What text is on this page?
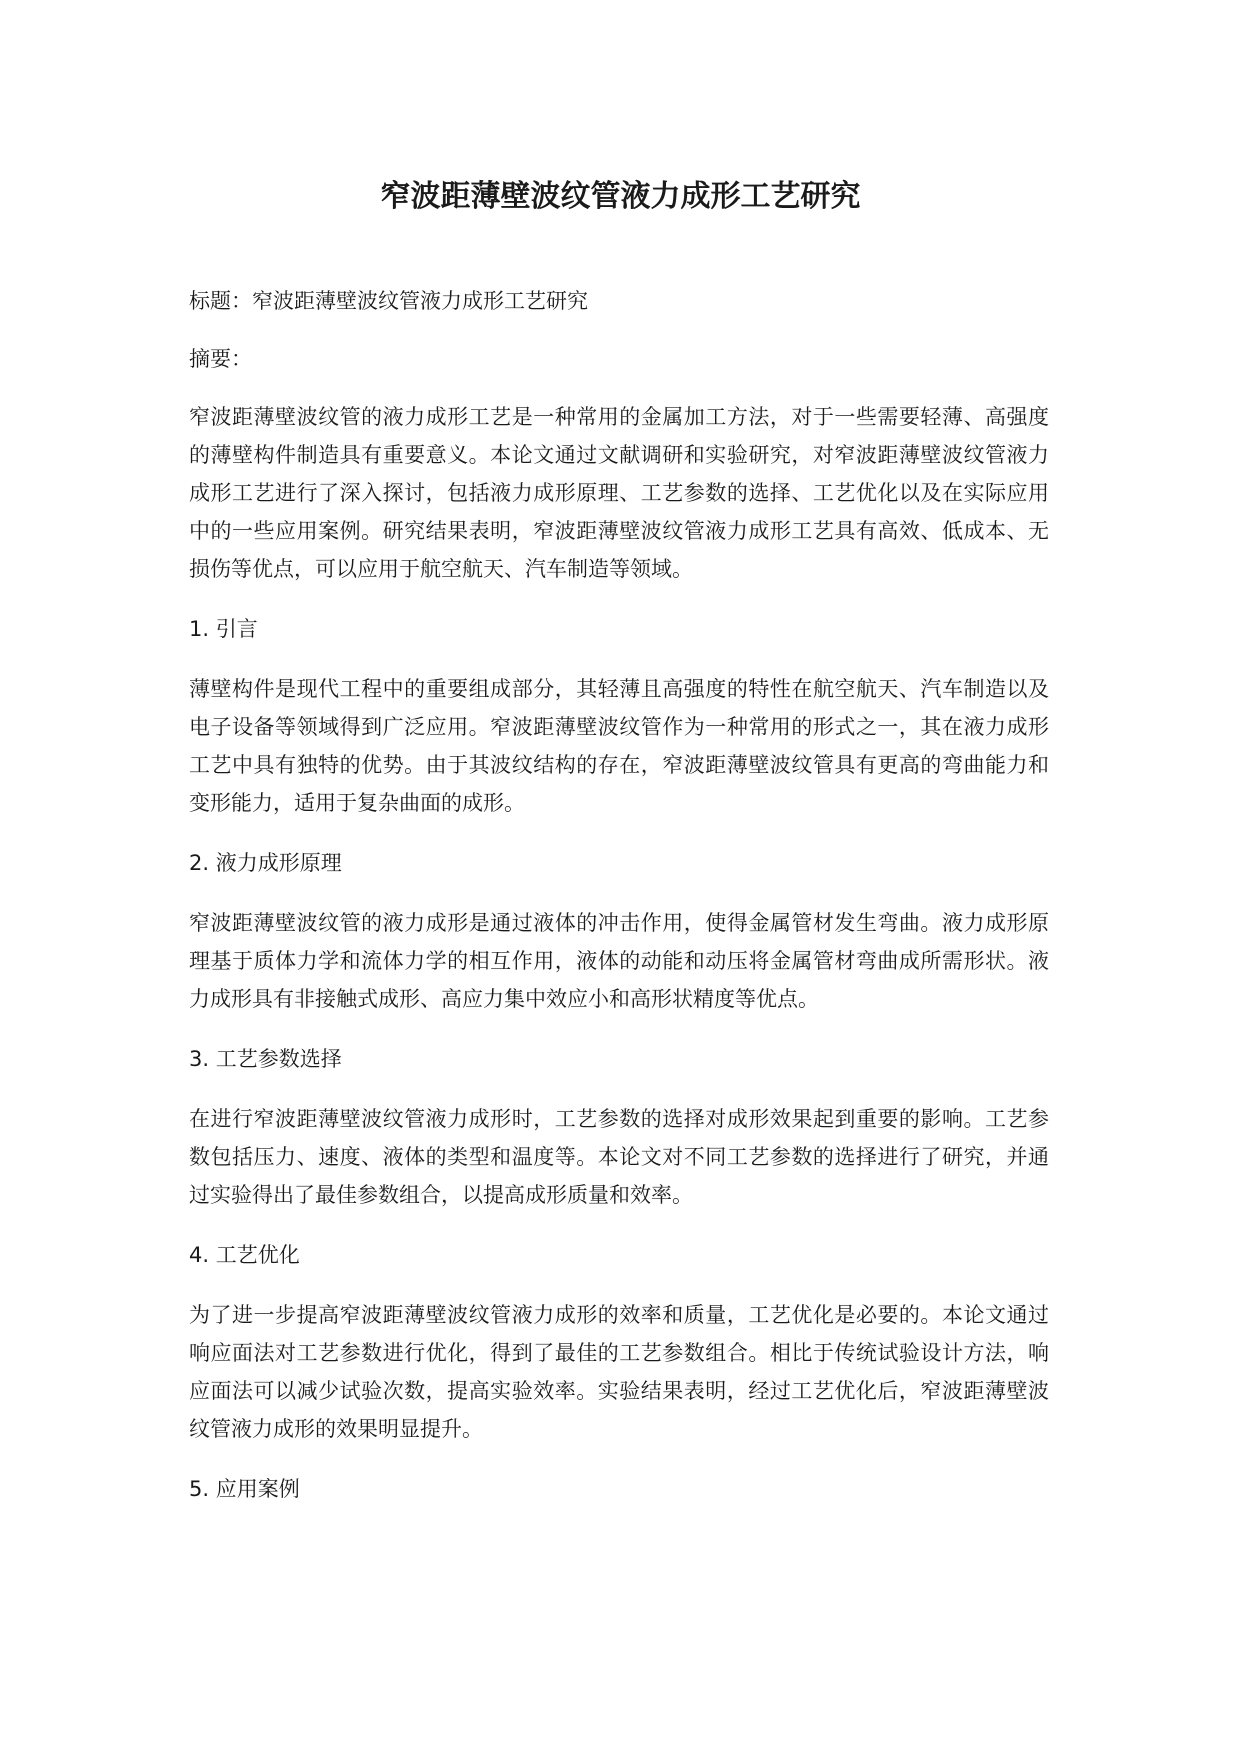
窄波距薄壁波纹管液力成形工艺研究

标题：窄波距薄壁波纹管液力成形工艺研究

摘要：

窄波距薄壁波纹管的液力成形工艺是一种常用的金属加工方法，对于一些需要轻薄、高强度的薄壁构件制造具有重要意义。本论文通过文献调研和实验研究，对窄波距薄壁波纹管液力成形工艺进行了深入探讨，包括液力成形原理、工艺参数的选择、工艺优化以及在实际应用中的一些应用案例。研究结果表明，窄波距薄壁波纹管液力成形工艺具有高效、低成本、无损伤等优点，可以应用于航空航天、汽车制造等领域。

1. 引言

薄壁构件是现代工程中的重要组成部分，其轻薄且高强度的特性在航空航天、汽车制造以及电子设备等领域得到广泛应用。窄波距薄壁波纹管作为一种常用的形式之一，其在液力成形工艺中具有独特的优势。由于其波纹结构的存在，窄波距薄壁波纹管具有更高的弯曲能力和变形能力，适用于复杂曲面的成形。

2. 液力成形原理

窄波距薄壁波纹管的液力成形是通过液体的冲击作用，使得金属管材发生弯曲。液力成形原理基于质体力学和流体力学的相互作用，液体的动能和动压将金属管材弯曲成所需形状。液力成形具有非接触式成形、高应力集中效应小和高形状精度等优点。

3. 工艺参数选择

在进行窄波距薄壁波纹管液力成形时，工艺参数的选择对成形效果起到重要的影响。工艺参数包括压力、速度、液体的类型和温度等。本论文对不同工艺参数的选择进行了研究，并通过实验得出了最佳参数组合，以提高成形质量和效率。

4. 工艺优化

为了进一步提高窄波距薄壁波纹管液力成形的效率和质量，工艺优化是必要的。本论文通过响应面法对工艺参数进行优化，得到了最佳的工艺参数组合。相比于传统试验设计方法，响应面法可以减少试验次数，提高实验效率。实验结果表明，经过工艺优化后，窄波距薄壁波纹管液力成形的效果明显提升。

5. 应用案例
